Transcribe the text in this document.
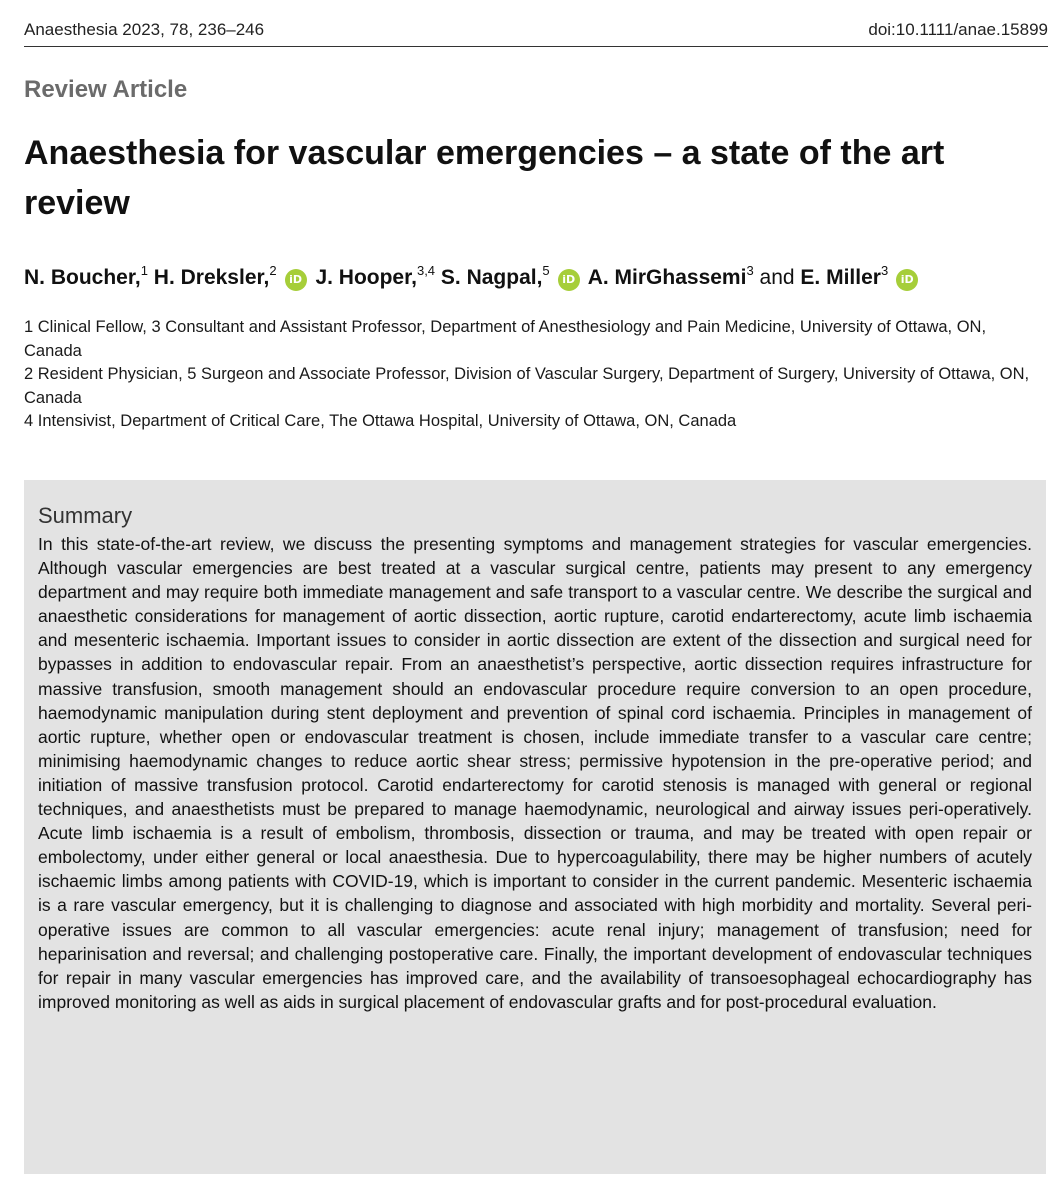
Anaesthesia 2023, 78, 236–246	doi:10.1111/anae.15899
Review Article
Anaesthesia for vascular emergencies – a state of the art review
N. Boucher,$^1$ H. Dreksler,$^2$iD J. Hooper,$^{3,4}$ S. Nagpal,$^5$iD A. MirGhassemi$^3$ and E. Miller$^3$iD
1 Clinical Fellow, 3 Consultant and Assistant Professor, Department of Anesthesiology and Pain Medicine, University of Ottawa, ON, Canada
2 Resident Physician, 5 Surgeon and Associate Professor, Division of Vascular Surgery, Department of Surgery, University of Ottawa, ON, Canada
4 Intensivist, Department of Critical Care, The Ottawa Hospital, University of Ottawa, ON, Canada
Summary

In this state-of-the-art review, we discuss the presenting symptoms and management strategies for vascular emergencies. Although vascular emergencies are best treated at a vascular surgical centre, patients may present to any emergency department and may require both immediate management and safe transport to a vascular centre. We describe the surgical and anaesthetic considerations for management of aortic dissection, aortic rupture, carotid endarterectomy, acute limb ischaemia and mesenteric ischaemia. Important issues to consider in aortic dissection are extent of the dissection and surgical need for bypasses in addition to endovascular repair. From an anaesthetist’s perspective, aortic dissection requires infrastructure for massive transfusion, smooth management should an endovascular procedure require conversion to an open procedure, haemodynamic manipulation during stent deployment and prevention of spinal cord ischaemia. Principles in management of aortic rupture, whether open or endovascular treatment is chosen, include immediate transfer to a vascular care centre; minimising haemodynamic changes to reduce aortic shear stress; permissive hypotension in the pre-operative period; and initiation of massive transfusion protocol. Carotid endarterectomy for carotid stenosis is managed with general or regional techniques, and anaesthetists must be prepared to manage haemodynamic, neurological and airway issues peri-operatively. Acute limb ischaemia is a result of embolism, thrombosis, dissection or trauma, and may be treated with open repair or embolectomy, under either general or local anaesthesia. Due to hypercoagulability, there may be higher numbers of acutely ischaemic limbs among patients with COVID-19, which is important to consider in the current pandemic. Mesenteric ischaemia is a rare vascular emergency, but it is challenging to diagnose and associated with high morbidity and mortality. Several peri-operative issues are common to all vascular emergencies: acute renal injury; management of transfusion; need for heparinisation and reversal; and challenging postoperative care. Finally, the important development of endovascular techniques for repair in many vascular emergencies has improved care, and the availability of transoesophageal echocardiography has improved monitoring as well as aids in surgical placement of endovascular grafts and for post-procedural evaluation.
